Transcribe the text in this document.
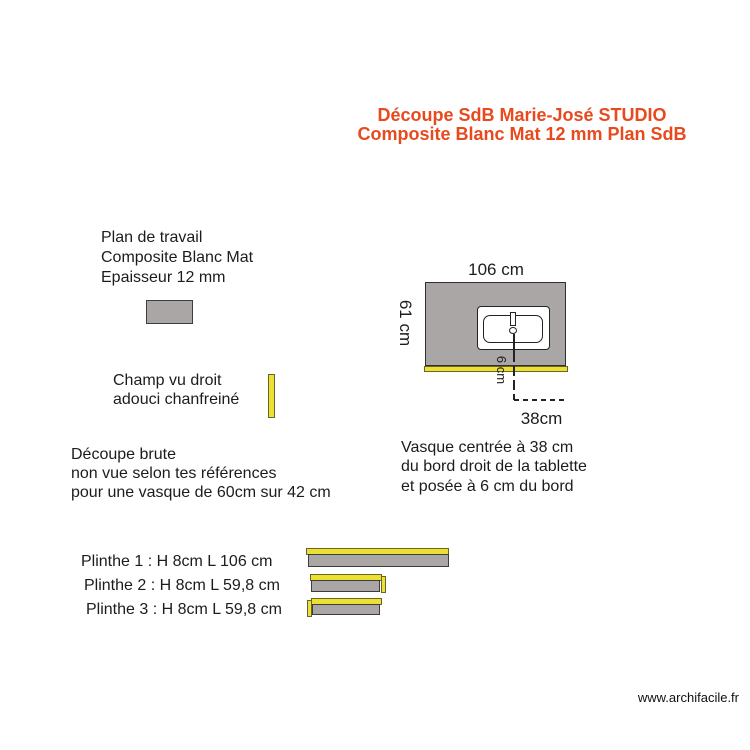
Découpe SdB Marie-José STUDIO
Composite Blanc Mat 12 mm Plan SdB
Plan de travail
Composite Blanc Mat
Epaisseur 12 mm
Champ vu droit
adouci chanfreiné
Découpe brute
non vue selon tes références
pour une vasque de 60cm sur 42 cm
106 cm
61 cm
6 cm
38cm
Vasque centrée à 38 cm
du bord droit de la tablette
et posée à 6 cm du bord
Plinthe 1 : H 8cm L 106 cm
Plinthe 2 : H 8cm L 59,8 cm
Plinthe 3 : H 8cm L 59,8 cm
www.archifacile.fr
